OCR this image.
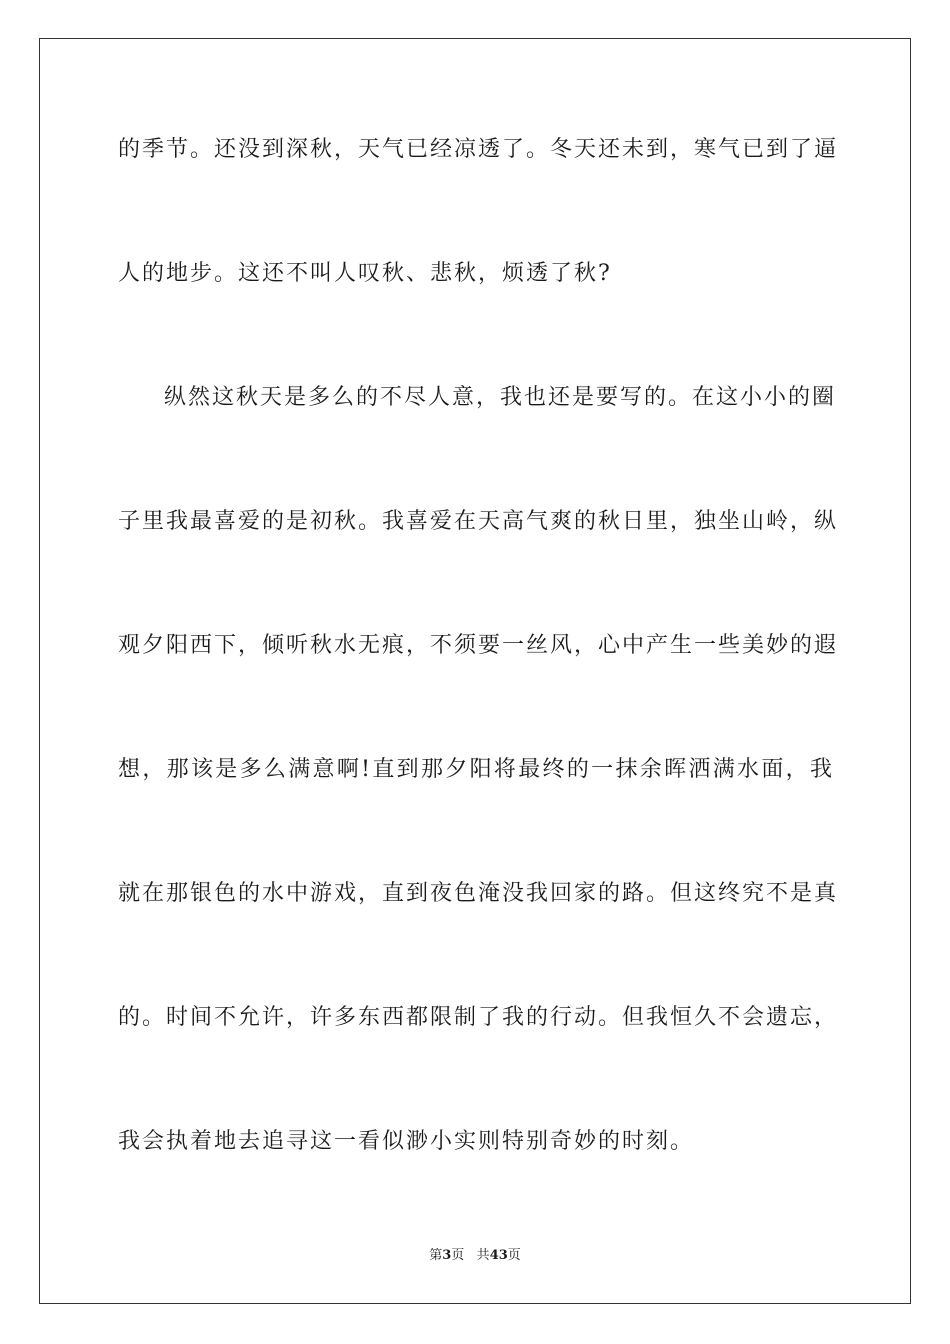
的季节。还没到深秋，天气已经凉透了。冬天还未到，寒气已到了逼
人的地步。这还不叫人叹秋、悲秋，烦透了秋?
纵然这秋天是多么的不尽人意，我也还是要写的。在这小小的圈
子里我最喜爱的是初秋。我喜爱在天高气爽的秋日里，独坐山岭，纵
观夕阳西下，倾听秋水无痕，不须要一丝风，心中产生一些美妙的遐
想，那该是多么满意啊!直到那夕阳将最终的一抹余晖洒满水面，我
就在那银色的水中游戏，直到夜色淹没我回家的路。但这终究不是真
的。时间不允许，许多东西都限制了我的行动。但我恒久不会遗忘，
我会执着地去追寻这一看似渺小实则特别奇妙的时刻。
第3页 共43页
